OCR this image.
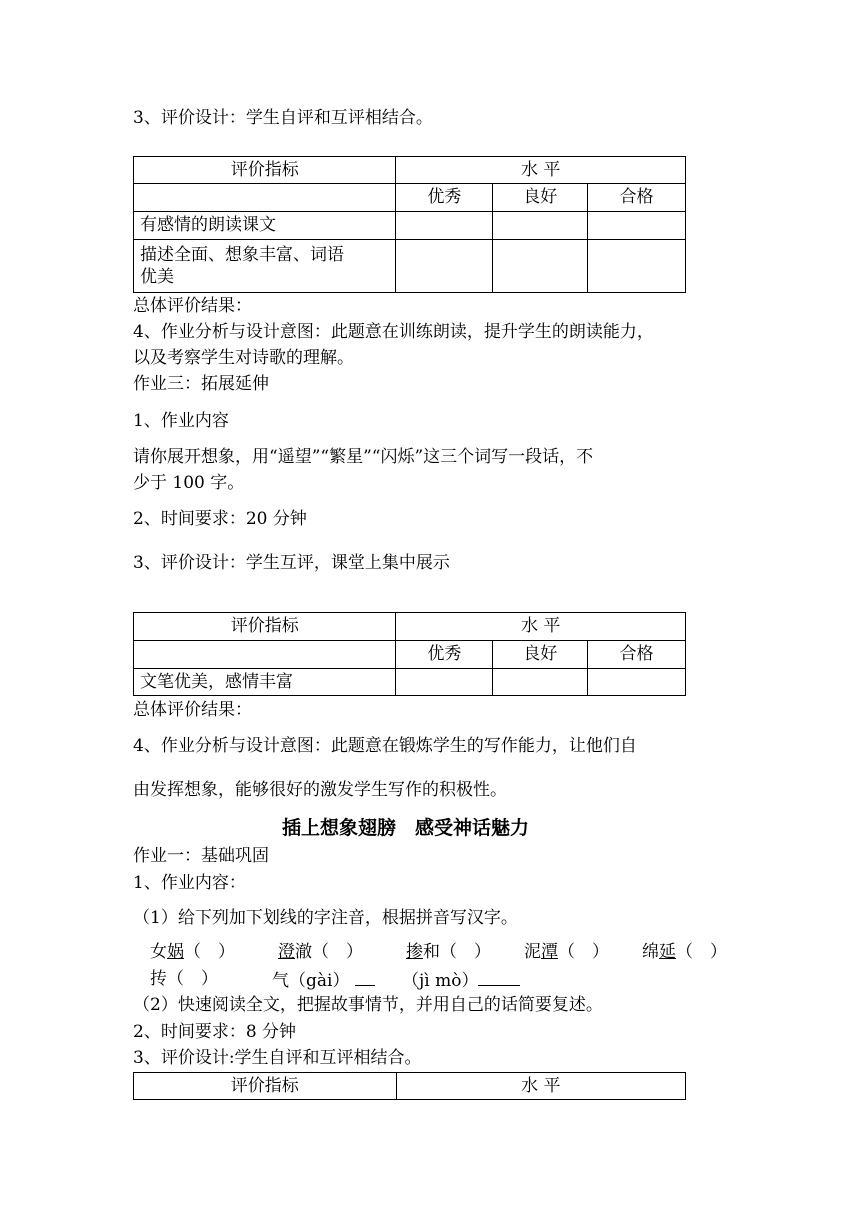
3、评价设计：学生自评和互评相结合。
评价指标	水 平		
	优秀	良好	合格
有感情的朗读课文			
描述全面、想象丰富、词语
优美			
总体评价结果：
4、作业分析与设计意图：此题意在训练朗读，提升学生的朗读能力，
以及考察学生对诗歌的理解。
作业三：拓展延伸
1、作业内容
请你展开想象，用“遥望”“繁星”“闪烁”这三个词写一段话，不
少于 100 字。
2、时间要求：20 分钟
3、评价设计：学生互评，课堂上集中展示
评价指标	水 平		
	优秀	良好	合格
文笔优美，感情丰富			
总体评价结果：
4、作业分析与设计意图：此题意在锻炼学生的写作能力，让他们自
由发挥想象，能够很好的激发学生写作的积极性。
插上想象翅膀　感受神话魅力
作业一：基础巩固
1、作业内容：
（1）给下列加下划线的字注音，根据拼音写汉字。
女娲（　）	澄澈（　）	掺和（　） 泥潭（　） 绵延（　）
抟（　）	气（gài）	（jì mò）
（2）快速阅读全文，把握故事情节，并用自己的话简要复述。
2、时间要求：8 分钟
3、评价设计:学生自评和互评相结合。
评价指标	水 平
